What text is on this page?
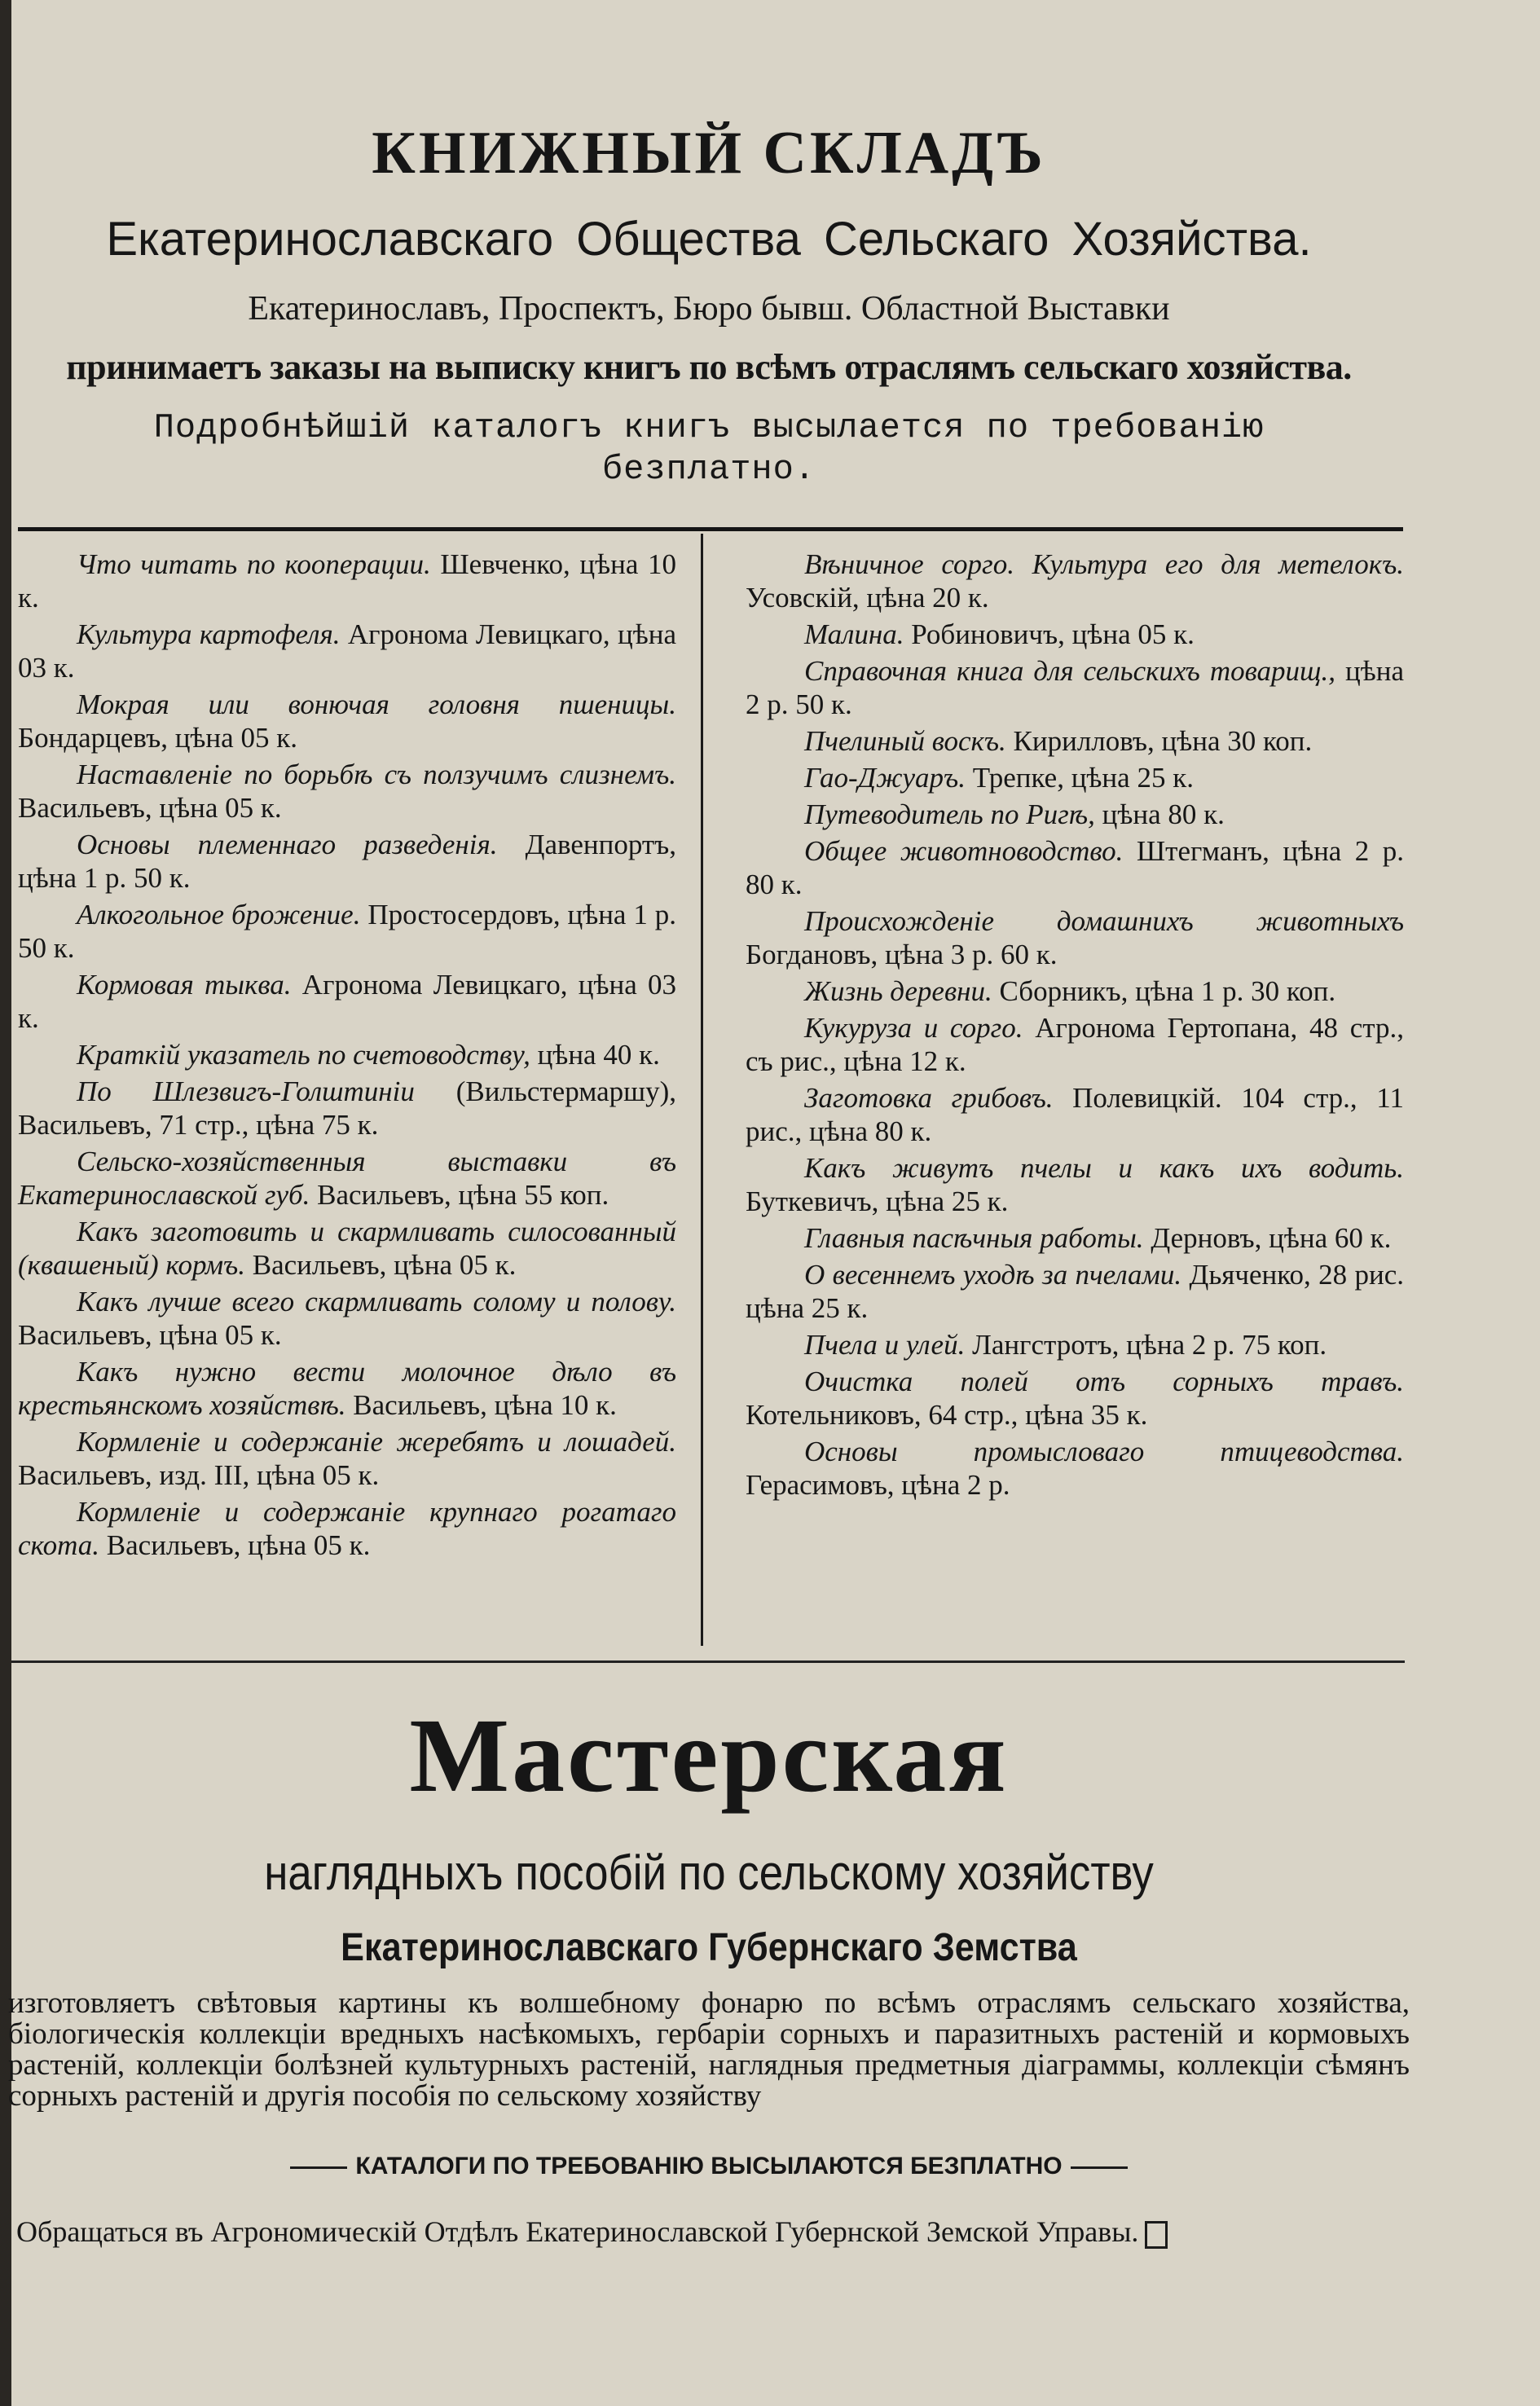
КНИЖНЫЙ СКЛАДЪ
Екатеринославскаго Общества Сельскаго Хозяйства.
Екатеринославъ, Проспектъ, Бюро бывш. Областной Выставки
принимаетъ заказы на выписку книгъ по всѣмъ отраслямъ сельскаго хозяйства.
Подробнѣйшій каталогъ книгъ высылается по требованію безплатно.

Что читать по кооперации. Шевченко, цѣна 10 к.

Культура картофеля. Агронома Левицкаго, цѣна 03 к.

Мокрая или вонючая головня пшеницы. Бондарцевъ, цѣна 05 к.

Наставленіе по борьбѣ съ ползучимъ слизнемъ. Васильевъ, цѣна 05 к.

Основы племеннаго разведенія. Давенпортъ, цѣна 1 р. 50 к.

Алкогольное брожение. Простосердовъ, цѣна 1 р. 50 к.

Кормовая тыква. Агронома Левицкаго, цѣна 03 к.

Краткій указатель по счетоводству, цѣна 40 к.

По Шлезвигъ-Голштиніи (Вильстермаршу), Васильевъ, 71 стр., цѣна 75 к.

Сельско-хозяйственныя выставки въ Екатеринославской губ. Васильевъ, цѣна 55 коп.

Какъ заготовить и скармливать силосованный (квашеный) кормъ. Васильевъ, цѣна 05 к.

Какъ лучше всего скармливать солому и полову. Васильевъ, цѣна 05 к.

Какъ нужно вести молочное дѣло въ крестьянскомъ хозяйствѣ. Васильевъ, цѣна 10 к.

Кормленіе и содержаніе жеребятъ и лошадей. Васильевъ, изд. III, цѣна 05 к.

Кормленіе и содержаніе крупнаго рогатаго скота. Васильевъ, цѣна 05 к.

Вѣничное сорго. Культура его для метелокъ. Усовскій, цѣна 20 к.

Малина. Робиновичъ, цѣна 05 к.

Справочная книга для сельскихъ товарищ., цѣна 2 р. 50 к.

Пчелиный воскъ. Кирилловъ, цѣна 30 коп.

Гао-Джуаръ. Трепке, цѣна 25 к.

Путеводитель по Ригѣ, цѣна 80 к.

Общее животноводство. Штегманъ, цѣна 2 р. 80 к.

Происхожденіе домашнихъ животныхъ Богдановъ, цѣна 3 р. 60 к.

Жизнь деревни. Сборникъ, цѣна 1 р. 30 коп.

Кукуруза и сорго. Агронома Гертопана, 48 стр., съ рис., цѣна 12 к.

Заготовка грибовъ. Полевицкій. 104 стр., 11 рис., цѣна 80 к.

Какъ живутъ пчелы и какъ ихъ водить. Буткевичъ, цѣна 25 к.

Главныя пасѣчныя работы. Дерновъ, цѣна 60 к.

О весеннемъ уходѣ за пчелами. Дьяченко, 28 рис. цѣна 25 к.

Пчела и улей. Лангстротъ, цѣна 2 р. 75 коп.

Очистка полей отъ сорныхъ травъ. Котельниковъ, 64 стр., цѣна 35 к.

Основы промысловаго птицеводства. Герасимовъ, цѣна 2 р.

Мастерская
наглядныхъ пособій по сельскому хозяйству
Екатеринославскаго Губернскаго Земства
изготовляетъ свѣтовыя картины къ волшебному фонарю по всѣмъ отраслямъ сельскаго хозяйства, біологическія коллекціи вредныхъ насѣкомыхъ, гербаріи сорныхъ и паразитныхъ растеній и кормовыхъ растеній, коллекціи болѣзней культурныхъ растеній, наглядныя предметныя діаграммы, коллекціи сѣмянъ сорныхъ растеній и другія пособія по сельскому хозяйству
КАТАЛОГИ ПО ТРЕБОВАНІЮ ВЫСЫЛАЮТСЯ БЕЗПЛАТНО
Обращаться въ Агрономическій Отдѣлъ Екатеринославской Губернской Земской Управы.
